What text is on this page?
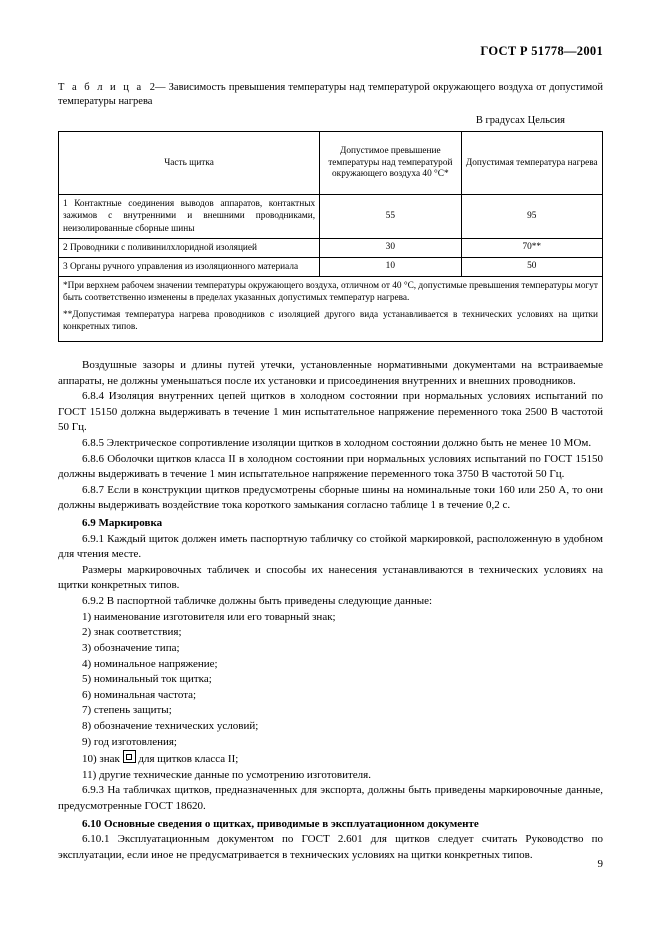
ГОСТ Р 51778—2001
Т а б л и ц а 2— Зависимость превышения температуры над температурой окружающего воздуха от допустимой температуры нагрева
В градусах Цельсия
Часть щитка	Допустимое превышение температуры над температурой окружающего воздуха 40 °С*	Допустимая температура нагрева
1 Контактные соединения выводов аппаратов, контактных зажимов с внутренними и внешними проводниками, неизолированные сборные шины	55	95
2 Проводники с поливинилхлоридной изоляцией	30	70**
3 Органы ручного управления из изоляционного материала	10	50

*При верхнем рабочем значении температуры окружающего воздуха, отличном от 40 °С, допустимые превышения температуры могут быть соответственно изменены в пределах указанных допустимых температур нагрева.

**Допустимая температура нагрева проводников с изоляцией другого вида устанавливается в технических условиях на щитки конкретных типов.		

Воздушные зазоры и длины путей утечки, установленные нормативными документами на встраиваемые аппараты, не должны уменьшаться после их установки и присоединения внутренних и внешних проводников.

6.8.4 Изоляция внутренних цепей щитков в холодном состоянии при нормальных условиях испытаний по ГОСТ 15150 должна выдерживать в течение 1 мин испытательное напряжение переменного тока 2500 В частотой 50 Гц.

6.8.5 Электрическое сопротивление изоляции щитков в холодном состоянии должно быть не менее 10 МОм.

6.8.6 Оболочки щитков класса II в холодном состоянии при нормальных условиях испытаний по ГОСТ 15150 должны выдерживать в течение 1 мин испытательное напряжение переменного тока 3750 В частотой 50 Гц.

6.8.7 Если в конструкции щитков предусмотрены сборные шины на номинальные токи 160 или 250 А, то они должны выдерживать воздействие тока короткого замыкания согласно таблице 1 в течение 0,2 с.

6.9 Маркировка

6.9.1 Каждый щиток должен иметь паспортную табличку со стойкой маркировкой, расположенную в удобном для чтения месте.

Размеры маркировочных табличек и способы их нанесения устанавливаются в технических условиях на щитки конкретных типов.

6.9.2 В паспортной табличке должны быть приведены следующие данные:

1) наименование изготовителя или его товарный знак;

2) знак соответствия;

3) обозначение типа;

4) номинальное напряжение;

5) номинальный ток щитка;

6) номинальная частота;

7) степень защиты;

8) обозначение технических условий;

9) год изготовления;

10) знак для щитков класса II;

11) другие технические данные по усмотрению изготовителя.

6.9.3 На табличках щитков, предназначенных для экспорта, должны быть приведены маркировочные данные, предусмотренные ГОСТ 18620.

6.10 Основные сведения о щитках, приводимые в эксплуатационном документе

6.10.1 Эксплуатационным документом по ГОСТ 2.601 для щитков следует считать Руководство по эксплуатации, если иное не предусматривается в технических условиях на щитки конкретных типов.

9
